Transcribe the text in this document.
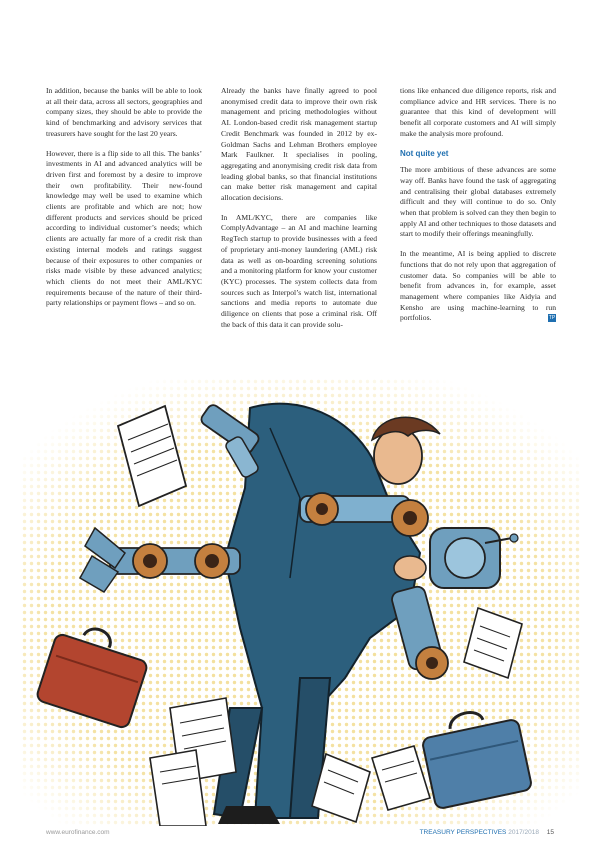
In addition, because the banks will be able to look at all their data, across all sectors, geographies and company sizes, they should be able to provide the kind of benchmarking and advisory services that treasurers have sought for the last 20 years.

However, there is a flip side to all this. The banks’ investments in AI and advanced analytics will be driven first and foremost by a desire to improve their own profitability. Their new-found knowledge may well be used to examine which clients are profitable and which are not; how different products and services should be priced according to individual customer’s needs; which clients are actually far more of a credit risk than existing internal models and ratings suggest because of their exposures to other companies or risks made visible by these advanced analytics; which clients do not meet their AML/KYC requirements because of the nature of their third-party relationships or payment flows – and so on.

Already the banks have finally agreed to pool anonymised credit data to improve their own risk management and pricing methodologies without AI. London-based credit risk management startup Credit Benchmark was founded in 2012 by ex-Goldman Sachs and Lehman Brothers employee Mark Faulkner. It specialises in pooling, aggregating and anonymising credit risk data from leading global banks, so that financial institutions can make better risk management and capital allocation decisions.

In AML/KYC, there are companies like ComplyAdvantage – an AI and machine learning RegTech startup to provide businesses with a feed of proprietary anti-money laundering (AML) risk data as well as on-boarding screening solutions and a monitoring platform for know your customer (KYC) processes. The system collects data from sources such as Interpol’s watch list, international sanctions and media reports to automate due diligence on clients that pose a criminal risk. Off the back of this data it can provide solu-

tions like enhanced due diligence reports, risk and compliance advice and HR services. There is no guarantee that this kind of development will benefit all corporate customers and AI will simply make the analysis more profound.

Not quite yet

The more ambitious of these advances are some way off. Banks have found the task of aggregating and centralising their global databases extremely difficult and they will continue to do so. Only when that problem is solved can they then begin to apply AI and other techniques to those datasets and start to modify their offerings meaningfully.

In the meantime, AI is being applied to discrete functions that do not rely upon that aggregation of customer data. So companies will be able to benefit from advances in, for example, asset management where companies like Aidyia and Kensho are using machine-learning to run portfolios.	TP

www.eurofinance.com	TREASURY PERSPECTIVES 2017/2018 15
